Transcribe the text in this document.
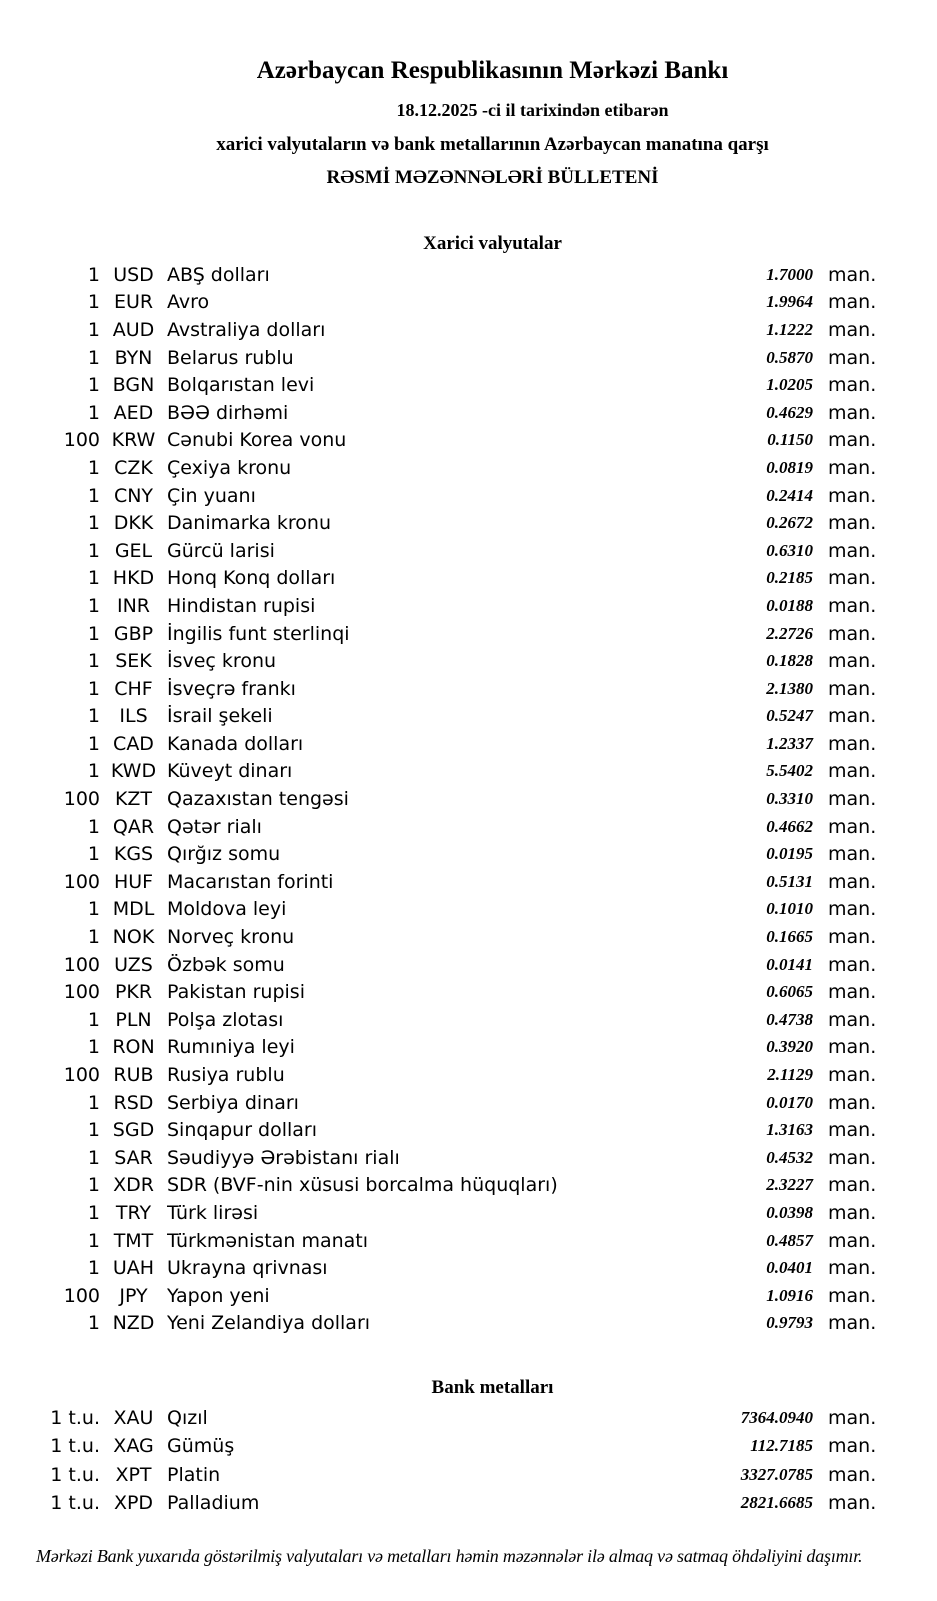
Azərbaycan Respublikasının Mərkəzi Bankı
18.12.2025 -ci il tarixindən etibarən
xarici valyutaların və bank metallarının Azərbaycan manatına qarşı
RƏSMİ MƏZƏNNƏLƏRİ BÜLLETENİ
Xarici valyutalar
1 USD ABŞ dolları	1.7000 man.
1 EUR Avro	1.9964 man.
1 AUD Avstraliya dolları	1.1222 man.
1 BYN Belarus rublu	0.5870 man.
1 BGN Bolqarıstan levi	1.0205 man.
1 AED BƏƏ dirhəmi	0.4629 man.
100 KRW Cənubi Korea vonu	0.1150 man.
1 CZK Çexiya kronu	0.0819 man.
1 CNY Çin yuanı	0.2414 man.
1 DKK Danimarka kronu	0.2672 man.
1 GEL Gürcü larisi	0.6310 man.
1 HKD Honq Konq dolları	0.2185 man.
1 INR Hindistan rupisi	0.0188 man.
1 GBP İngilis funt sterlinqi	2.2726 man.
1 SEK İsveç kronu	0.1828 man.
1 CHF İsveçrə frankı	2.1380 man.
1	ILS	İsrail şekeli	0.5247 man.
1 CAD Kanada dolları	1.2337 man.
1 KWD Küveyt dinarı	5.5402 man.
100 KZT Qazaxıstan tengəsi	0.3310 man.
1 QAR Qətər rialı	0.4662 man.
1 KGS Qırğız somu	0.0195 man.
100 HUF Macarıstan forinti	0.5131 man.
1 MDL Moldova leyi	0.1010 man.
1 NOK Norveç kronu	0.1665 man.
100 UZS Özbək somu	0.0141 man.
100 PKR Pakistan rupisi	0.6065 man.
1 PLN Polşa zlotası	0.4738 man.
1 RON Rumıniya leyi	0.3920 man.
100 RUB Rusiya rublu	2.1129 man.
1 RSD Serbiya dinarı	0.0170 man.
1 SGD Sinqapur dolları	1.3163 man.
1 SAR Səudiyyə Ərəbistanı rialı	0.4532 man.
1 XDR SDR (BVF-nin xüsusi borcalma hüquqları)	2.3227 man.
1 TRY Türk lirəsi	0.0398 man.
1 TMT Türkmənistan manatı	0.4857 man.
1 UAH Ukrayna qrivnası	0.0401 man.
100	JPY	Yapon yeni	1.0916 man.
1 NZD Yeni Zelandiya dolları	0.9793 man.
Bank metalları
1 t.u. XAU Qızıl	7364.0940 man.
1 t.u. XAG Gümüş	112.7185 man.
1 t.u. XPT Platin	3327.0785 man.
1 t.u. XPD Palladium	2821.6685 man.
Mərkəzi Bank yuxarıda göstərilmiş valyutaları və metalları həmin məzənnələr ilə almaq və satmaq öhdəliyini daşımır.
